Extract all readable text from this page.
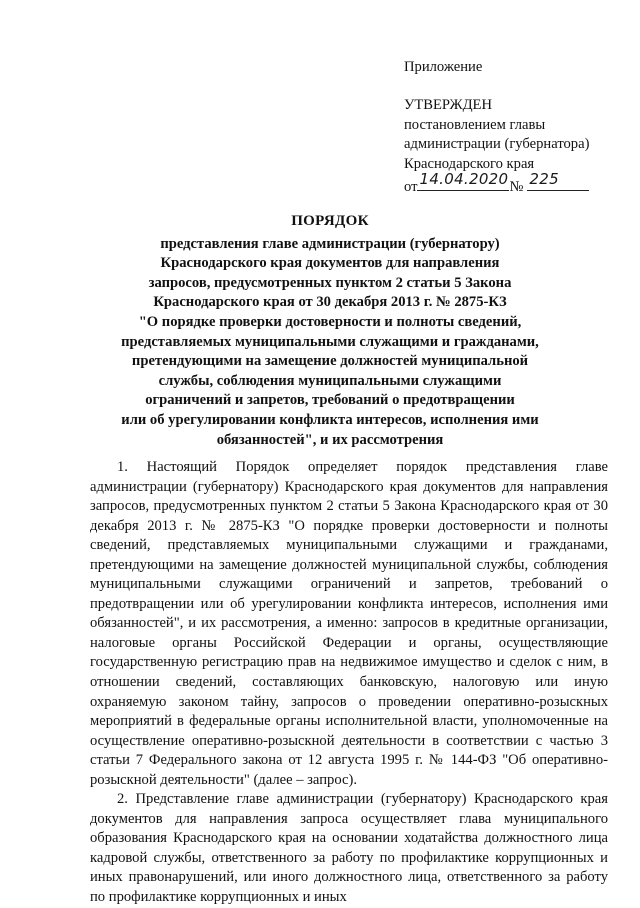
Приложение
УТВЕРЖДЕН
постановлением главы
администрации (губернатора)
Краснодарского края
от 14.04.2020 № 225
ПОРЯДОК
представления главе администрации (губернатору)
Краснодарского края документов для направления
запросов, предусмотренных пунктом 2 статьи 5 Закона
Краснодарского края от 30 декабря 2013 г. № 2875-КЗ
"О порядке проверки достоверности и полноты сведений,
представляемых муниципальными служащими и гражданами,
претендующими на замещение должностей муниципальной
службы, соблюдения муниципальными служащими
ограничений и запретов, требований о предотвращении
или об урегулировании конфликта интересов, исполнения ими
обязанностей", и их рассмотрения

1. Настоящий Порядок определяет порядок представления главе администрации (губернатору) Краснодарского края документов для направления запросов, предусмотренных пунктом 2 статьи 5 Закона Краснодарского края от 30 декабря 2013 г. № 2875-КЗ "О порядке проверки достоверности и полноты сведений, представляемых муниципальными служащими и гражданами, претендующими на замещение должностей муниципальной службы, соблюдения муниципальными служащими ограничений и запретов, требований о предотвращении или об урегулировании конфликта интересов, исполнения ими обязанностей", и их рассмотрения, а именно: запросов в кредитные организации, налоговые органы Российской Федерации и органы, осуществляющие государственную регистрацию прав на недвижимое имущество и сделок с ним, в отношении сведений, составляющих банковскую, налоговую или иную охраняемую законом тайну, запросов о проведении оперативно-розыскных мероприятий в федеральные органы исполнительной власти, уполномоченные на осуществление оперативно-розыскной деятельности в соответствии с частью 3 статьи 7 Федерального закона от 12 августа 1995 г. № 144-ФЗ "Об оперативно-розыскной деятельности" (далее – запрос).

2. Представление главе администрации (губернатору) Краснодарского края документов для направления запроса осуществляет глава муниципального образования Краснодарского края на основании ходатайства должностного лица кадровой службы, ответственного за работу по профилактике коррупционных и иных правонарушений, или иного должностного лица, ответственного за работу по профилактике коррупционных и иных
